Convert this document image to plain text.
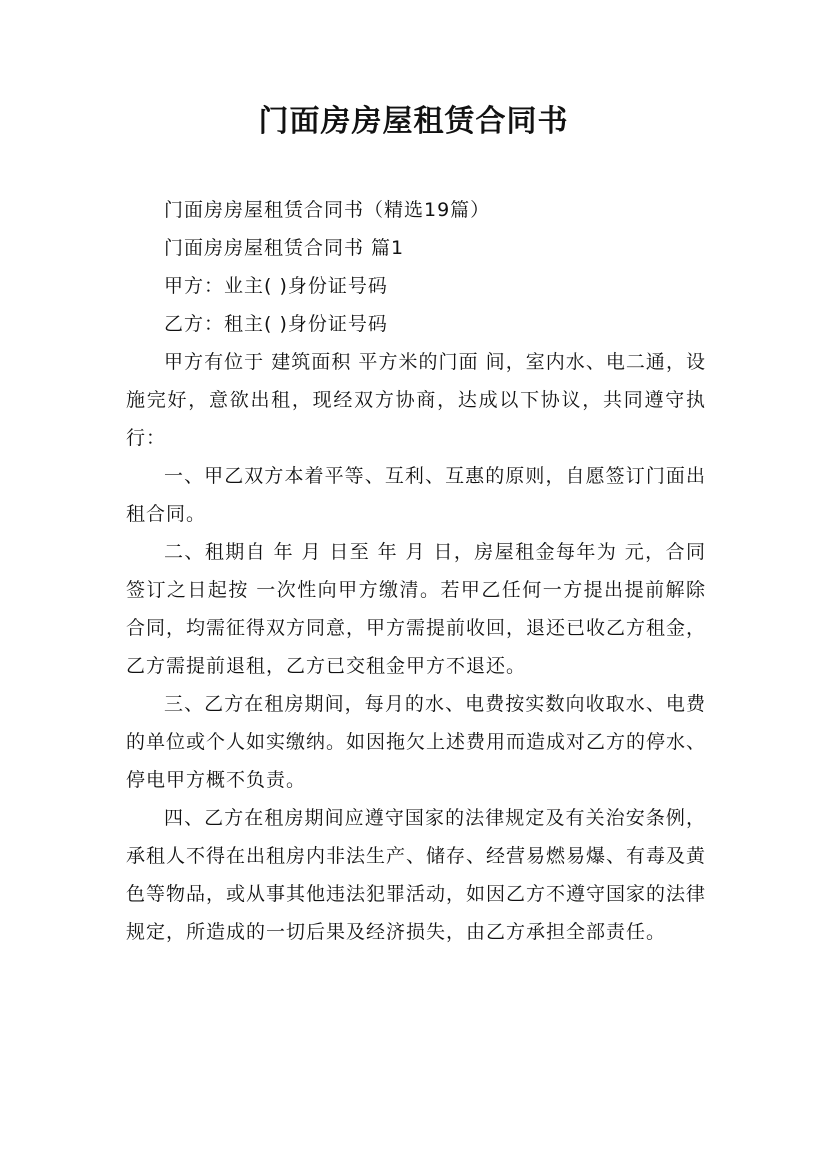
门面房房屋租赁合同书

门面房房屋租赁合同书（精选19篇）

门面房房屋租赁合同书 篇1

甲方：业主( )身份证号码

乙方：租主( )身份证号码

甲方有位于 建筑面积 平方米的门面 间，室内水、电二通，设施完好，意欲出租，现经双方协商，达成以下协议，共同遵守执行：

一、甲乙双方本着平等、互利、互惠的原则，自愿签订门面出租合同。

二、租期自 年 月 日至 年 月 日，房屋租金每年为 元，合同签订之日起按 一次性向甲方缴清。若甲乙任何一方提出提前解除合同，均需征得双方同意，甲方需提前收回，退还已收乙方租金，乙方需提前退租，乙方已交租金甲方不退还。

三、乙方在租房期间，每月的水、电费按实数向收取水、电费的单位或个人如实缴纳。如因拖欠上述费用而造成对乙方的停水、停电甲方概不负责。

四、乙方在租房期间应遵守国家的法律规定及有关治安条例，承租人不得在出租房内非法生产、储存、经营易燃易爆、有毒及黄色等物品，或从事其他违法犯罪活动，如因乙方不遵守国家的法律规定，所造成的一切后果及经济损失，由乙方承担全部责任。
